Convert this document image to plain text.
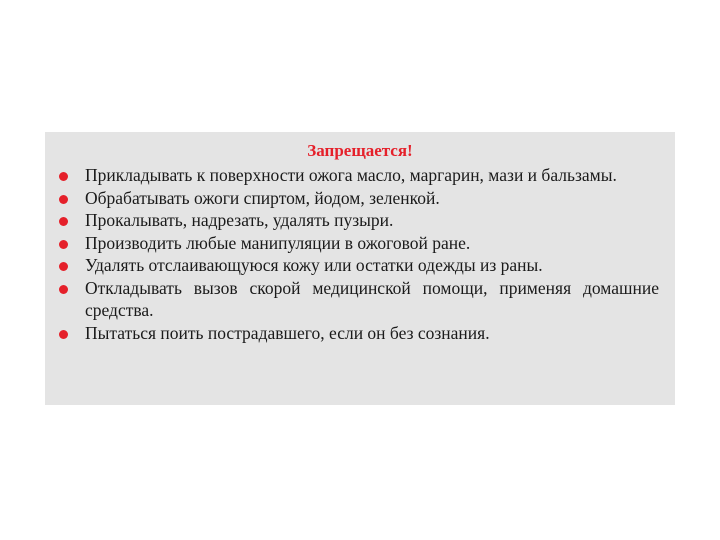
Запрещается!
Прикладывать к поверхности ожога масло, маргарин, мази и бальзамы.
Обрабатывать ожоги спиртом, йодом, зеленкой.
Прокалывать, надрезать, удалять пузыри.
Производить любые манипуляции в ожоговой ране.
Удалять отслаивающуюся кожу или остатки одежды из раны.
Откладывать вызов скорой медицинской помощи, применяя домашние средства.
Пытаться поить пострадавшего, если он без сознания.
